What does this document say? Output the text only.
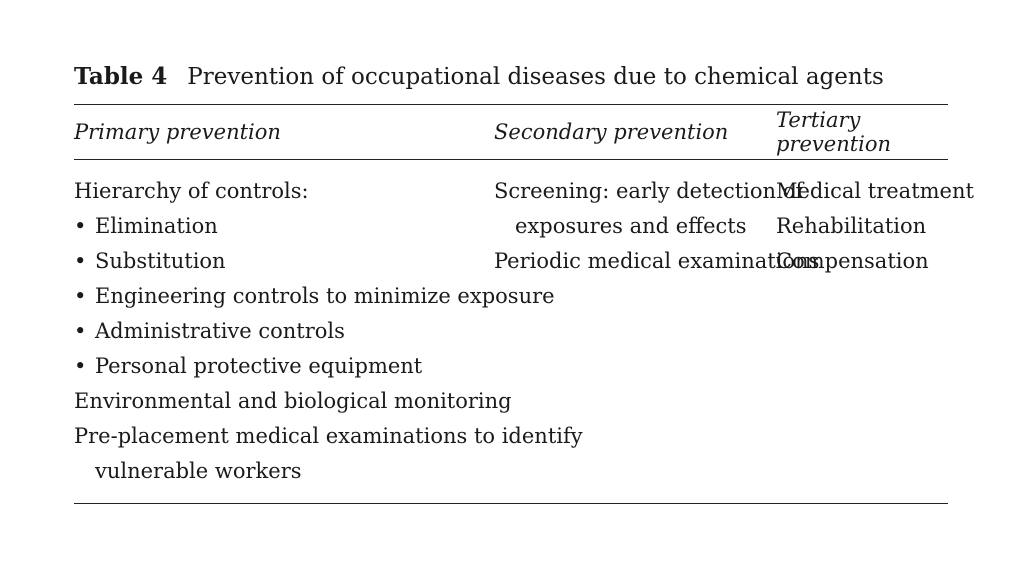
Table 4 Prevention of occupational diseases due to chemical agents
Primary prevention	Secondary prevention	Tertiary prevention
Hierarchy of controls:
• Elimination
• Substitution
• Engineering controls to minimize exposure
• Administrative controls
• Personal protective equipment
Environmental and biological monitoring
Pre-placement medical examinations to identify
vulnerable workers
Screening: early detection of
exposures and effects
Periodic medical examinations
Medical treatment
Rehabilitation
Compensation
